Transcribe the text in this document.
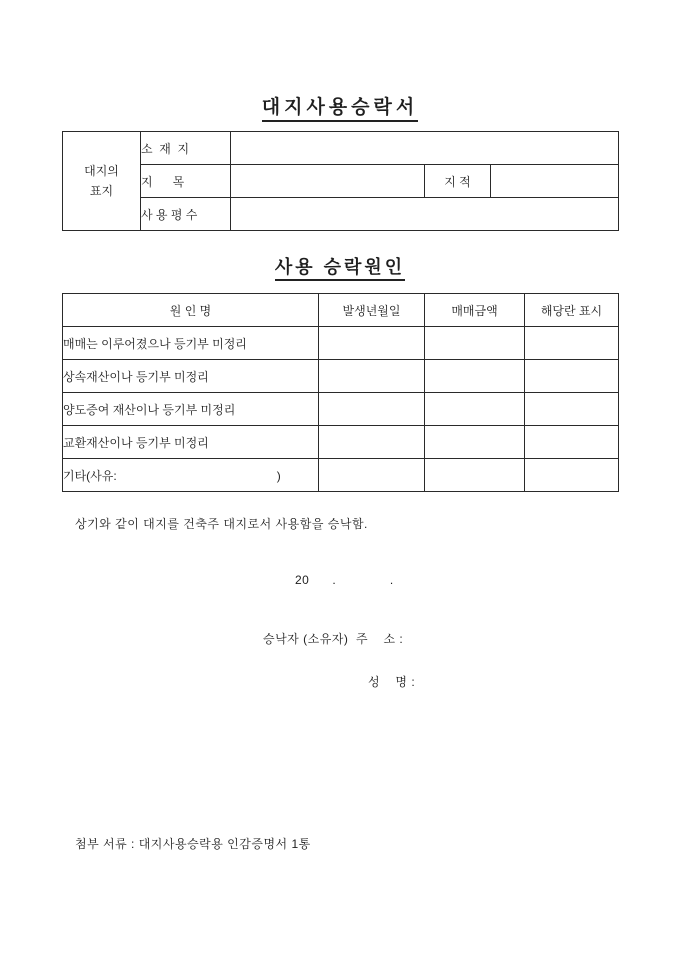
대지사용승락서
대지의
표지	소  재  지			
	지      목		지 적	
	사 용 평 수			
사용 승락원인
원 인 명	발생년월일	매매금액	해당란 표시
매매는 이루어졌으나 등기부 미정리			
상속재산이나 등기부 미정리			
양도증여 재산이나 등기부 미정리			
교환재산이나 등기부 미정리			
기타(사유:                                                )			
상기와 같이 대지를 건축주 대지로서 사용함을 승낙함.
20      .              .
승낙자 (소유자)  주    소 :
성    명 :
첨부 서류 : 대지사용승락용 인감증명서 1통
